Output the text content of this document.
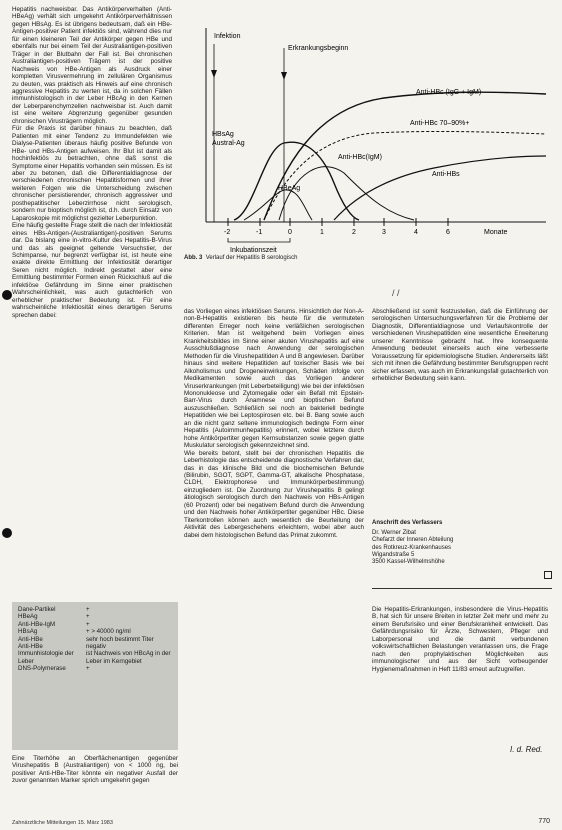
Hepatitis nachweisbar. Das Antikörperverhalten (Anti-HBeAg) verhält sich umgekehrt Antikörperverhältnissen gegen HBsAg. Es ist übrigens bedeutsam, daß ein HBe-Antigen-positiver Patient infektiös sind, während dies nur für einen kleineren Teil der Antikörper gegen HBe und ebenfalls nur bei einem Teil der Australiantigen-positiven Träger in der Blutbahn der Fall ist. Bei chronischen Australiantigen-positiven Trägern ist der positive Nachweis von HBe-Antigen als Ausdruck einer kompletten Virusvermehrung im zellulären Organismus zu deuten, was praktisch als Hinweis auf eine chronisch aggressive Hepatitis zu werten ist, da in solchen Fällen immunhistologisch in der Leber HBcAg in den Kernen der Leberparenchymzellen nachweisbar ist. Auch damit ist eine weitere Abgrenzung gegenüber gesunden chronischen Virusträgern möglich.

Für die Praxis ist darüber hinaus zu beachten, daß Patienten mit einer Tendenz zu Immundefekten wie Dialyse-Patienten überaus häufig positive Befunde von HBe- und HBs-Antigen aufweisen. Ihr Blut ist damit als hochinfektiös zu betrachten, ohne daß sonst die Symptome einer Hepatitis vorhanden sein müssen. Es ist aber zu betonen, daß die Differentialdiagnose der verschiedenen chronischen Hepatitisformen und ihrer weiteren Folgen wie die Unterscheidung zwischen chronischer persistierender, chronisch aggressiver und posthepatitischer Leberzirrhose nicht serologisch, sondern nur bioptisch möglich ist, d.h. durch Einsatz von Laparoskopie mit möglichst gezielter Leberpunktion.

Eine häufig gestellte Frage stellt die nach der Infektiosität eines HBs-Antigen-(Australiantigen)-positiven Serums dar. Da bislang eine in-vitro-Kultur des Hepatitis-B-Virus und das als geeignet geltende Versuchstier, der Schimpanse, nur begrenzt verfügbar ist, ist heute eine exakte direkte Ermittlung der Infektiosität derartiger Seren nicht möglich. Indirekt gestattet aber eine Ermittlung bestimmter Formen einen Rückschluß auf die infektiöse Gefährdung im Sinne einer praktischen Wahrscheinlichkeit, was auch gutachterlich von erheblicher praktischer Bedeutung ist. Für eine wahrscheinliche Infektiosität eines derartigen Serums sprechen dabei:

Dane-Partikel	+
HBeAg	+
Anti-HBe-IgM	+
HBsAg	+ > 40000 ng/ml
Anti-HBe	sehr hoch bestimmt Titer
Anti-HBe	negativ
Immunhistologie der Leber
ist Nachweis von HBcAg in der Leber im Kerngebiet
DNS-Polymerase	+
Eine Titerhöhe an Oberflächenantigen gegenüber Virushepatitis B (Australiantigen) von < 1000 ng, bei positiver Anti-HBe-Titer könnte ein negativer Ausfall der zuvor genannten Marker sprich umgekehrt gegen
Infektion
Erkrankungsbeginn
HBsAg
Austral-Ag
Anti-HBc (IgG + IgM)
Anti-HBc 70–90%+
Anti-HBc(IgM)
Anti-HBs
HBeAg
-2	-1	0	1	2	3	4	6	Monate
Inkubationszeit
Abb. 3 Verlauf der Hepatitis B serologisch
/ /

das Vorliegen eines infektiösen Serums. Hinsichtlich der Non-A-non-B-Hepatitis existieren bis heute für die vermuteten differenten Erreger noch keine verläßlichen serologischen Kriterien. Man ist weitgehend beim Vorliegen eines Krankheitsbildes im Sinne einer akuten Virushepatitis auf eine Ausschlußdiagnose nach Anwendung der serologischen Methoden für die Virushepatitiden A und B angewiesen. Darüber hinaus sind weitere Hepatitiden auf toxischer Basis wie bei Alkoholismus und Drogeneinwirkungen, Schäden infolge von Medikamenten sowie auch das Vorliegen anderer Viruserkrankungen (mit Leberbeteiligung) wie bei der infektiösen Mononukleose und Zytomegalie oder ein Befall mit Epstein-Barr-Virus durch Anamnese und bioptischen Befund auszuschließen. Schließlich sei noch an bakteriell bedingte Hepatitiden wie bei Leptospirosen etc. bei B. Bang sowie auch an die nicht ganz seltene immunologisch bedingte Form einer Hepatitis (Autoimmunhepatitis) erinnert, wobei letztere durch hohe Antikörpertiter gegen Kernsubstanzen sowie gegen glatte Muskulatur serologisch gekennzeichnet sind.

Wie bereits betont, stellt bei der chronischen Hepatitis die Leberhistologie das entscheidende diagnostische Verfahren dar, das in das klinische Bild und die biochemischen Befunde (Bilirubin, SGOT, SGPT, Gamma-GT, alkalische Phosphatase, CLDH, Elektrophorese und Immunkörperbestimmung) einzugliedern ist. Die Zuordnung zur Virushepatitis B gelingt ätiologisch serologisch durch den Nachweis von HBs-Antigen (60 Prozent) oder bei negativem Befund durch die Anwendung und den Nachweis hoher Antikörpertiter gegenüber HBc. Diese Titerkontrollen können auch wesentlich die Beurteilung der Aktivität des Lebergeschehens erleichtern, wobei aber auch dabei dem histologischen Befund das Primat zukommt.

Abschließend ist somit festzustellen, daß die Einführung der serologischen Untersuchungsverfahren für die Probleme der Diagnostik, Differentialdiagnose und Verlaufskontrolle der verschiedenen Virushepatitiden eine wesentliche Erweiterung unserer Kenntnisse gebracht hat. Ihre konsequente Anwendung bedeutet einerseits auch eine verbesserte Voraussetzung für epidemiologische Studien. Andererseits läßt sich mit ihnen die Gefährdung bestimmter Berufsgruppen recht sicher erfassen, was auch im Erkrankungsfall gutachterlich von erheblicher Bedeutung sein kann.

Anschrift des Verfassers
Dr. Werner Zibat
Chefarzt der Inneren Abteilung
des Rotkreuz-Krankenhauses
Wigandstraße 5
3500 Kassel-Wilhelmshöhe
Die Hepatitis-Erkrankungen, insbesondere die Virus-Hepatitis B, hat sich für unsere Breiten in letzter Zeit mehr und mehr zu einem Berufsrisiko und einer Berufskrankheit entwickelt. Das Gefährdungsrisiko für Ärzte, Schwestern, Pfleger und Laborpersonal und die damit verbundenen volkswirtschaftlichen Belastungen veranlassen uns, die Frage nach den prophylaktischen Möglichkeiten aus immunologischer und aus der Sicht vorbeugender Hygienemaßnahmen in Heft 11/83 erneut aufzugreifen.
I. d. Red.
Zahnärztliche Mitteilungen 15. März 1983	770
